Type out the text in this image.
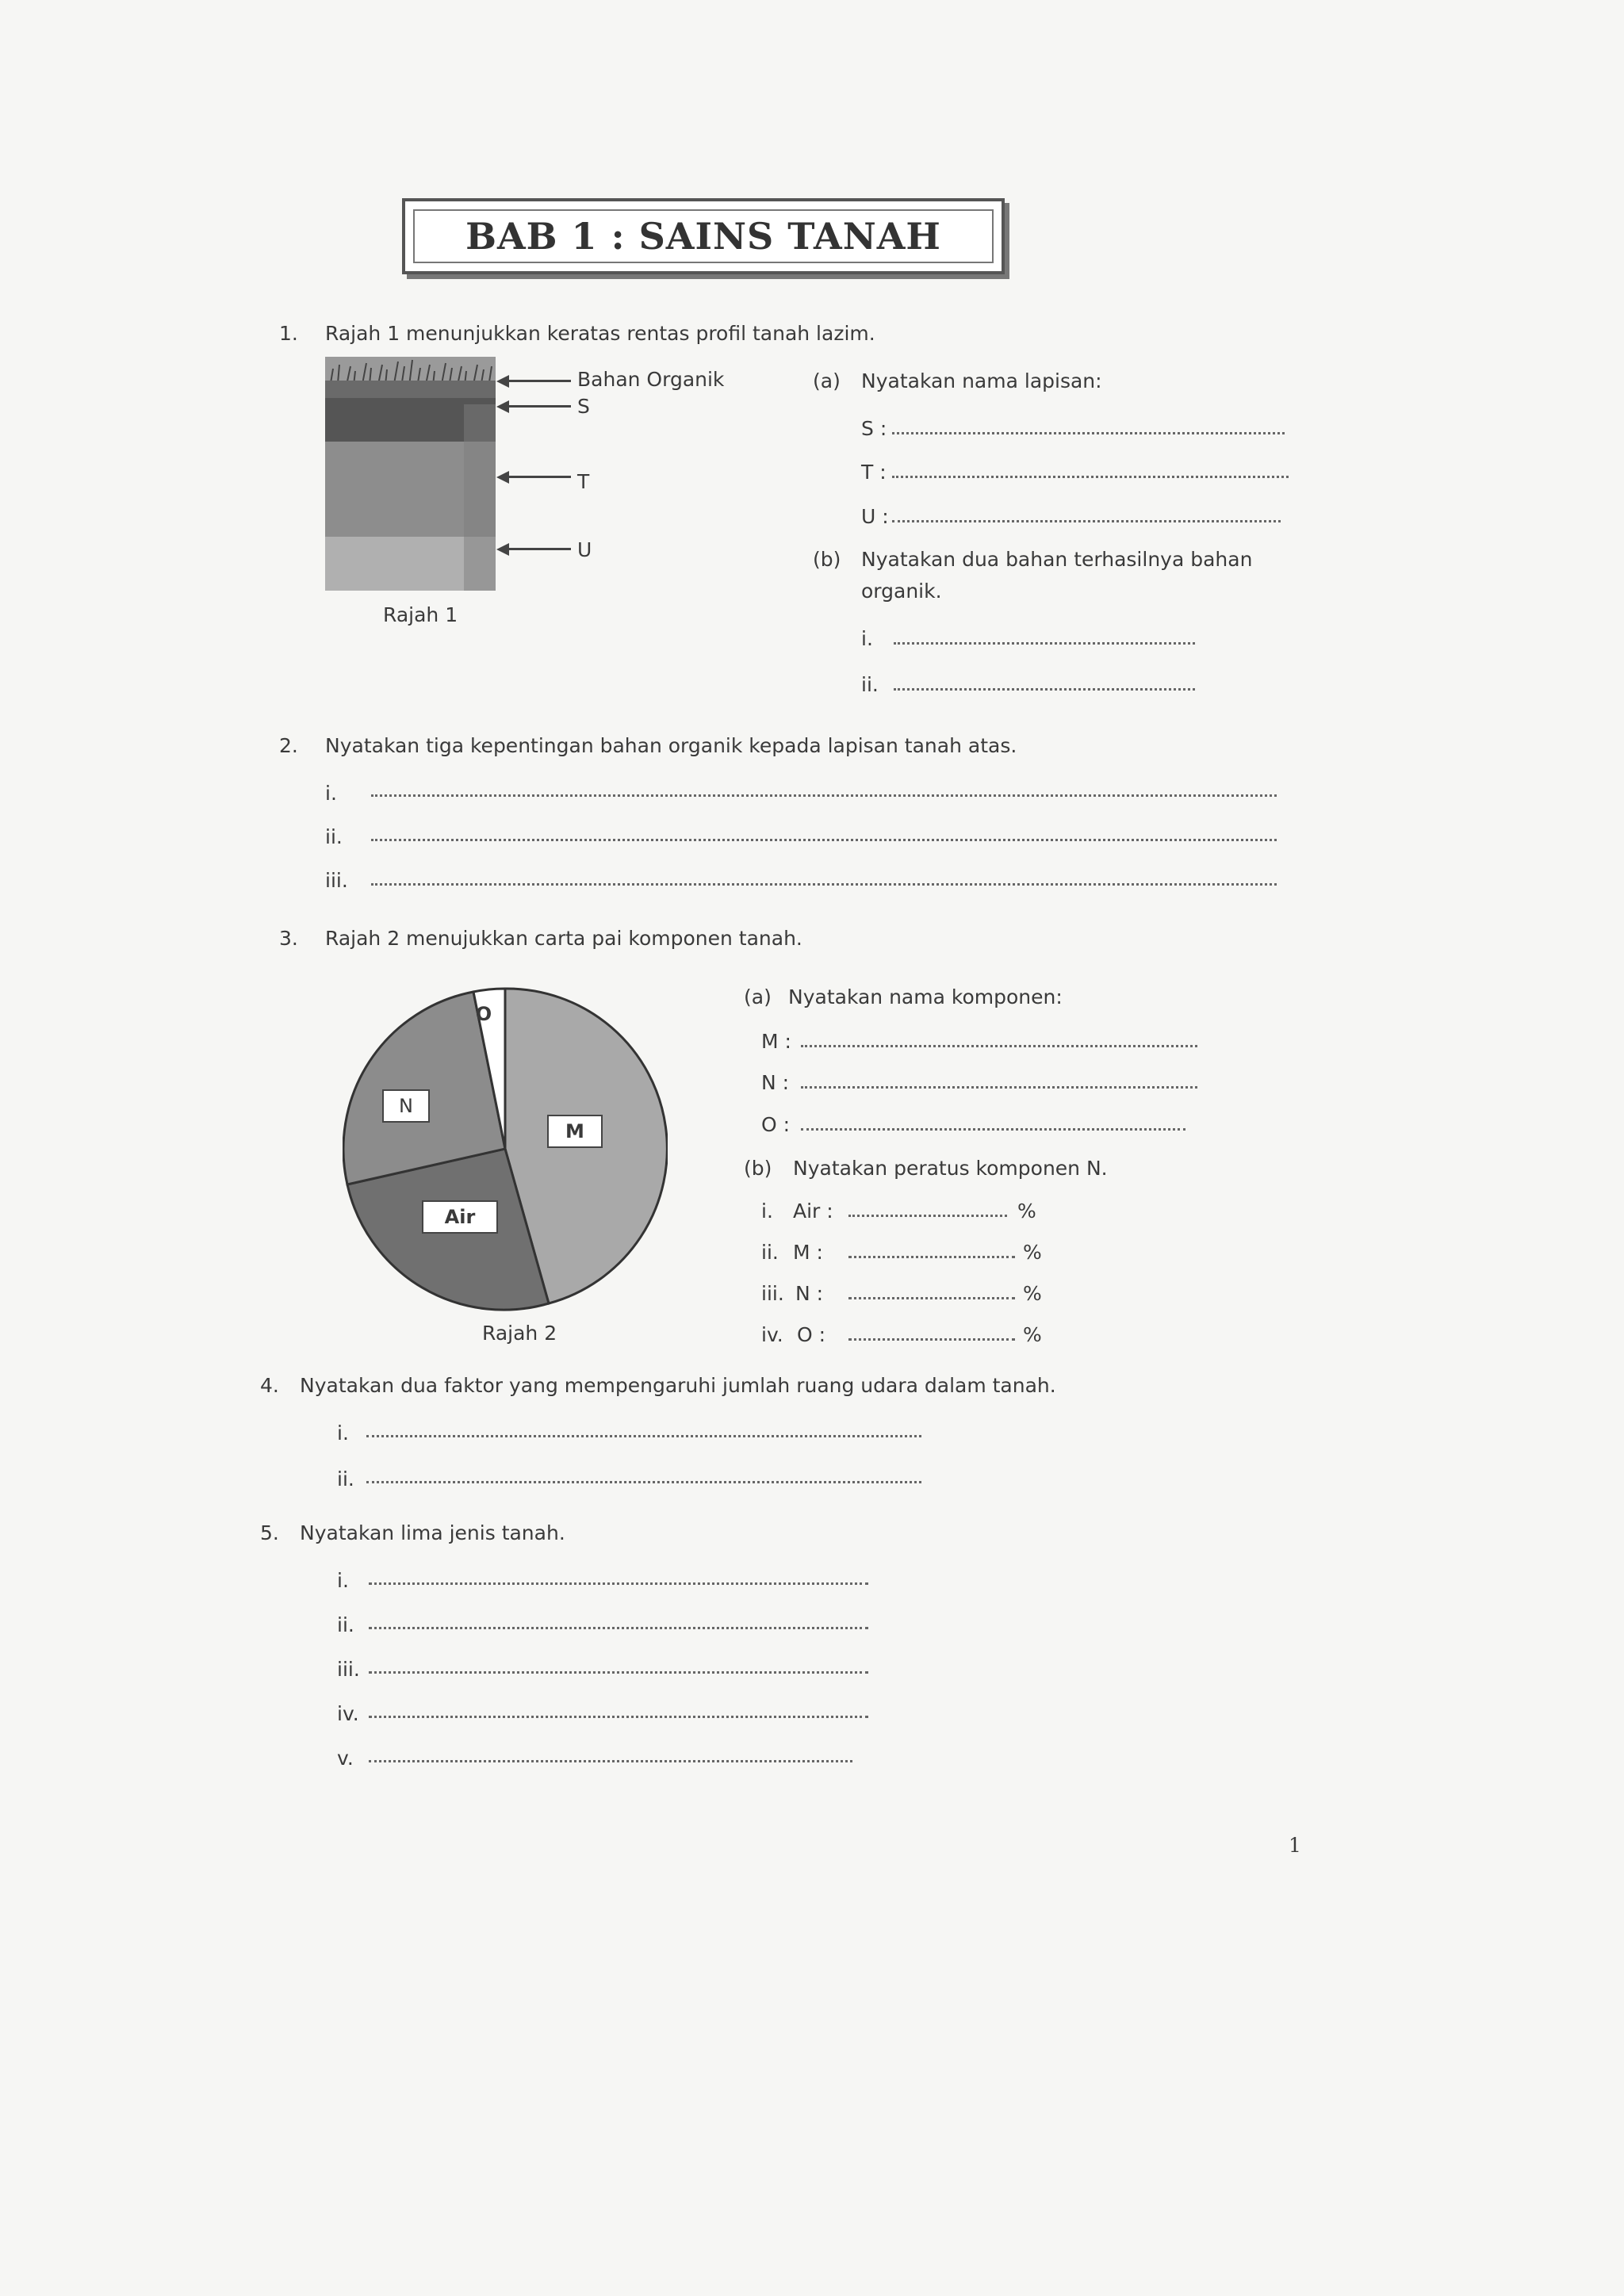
BAB 1 : SAINS TANAH
1. Rajah 1 menunjukkan keratas rentas profil tanah lazim.
Rajah 1
Bahan Organik
S
T
U
(a) Nyatakan nama lapisan:
S :
T :
U :
(b) Nyatakan dua bahan terhasilnya bahan
organik.
i.
ii.
2. Nyatakan tiga kepentingan bahan organik kepada lapisan tanah atas.
i.
ii.
iii.
3. Rajah 2 menujukkan carta pai komponen tanah.
O
N
M
Air
Rajah 2
(a) Nyatakan nama komponen:
M :
N :
O :
(b) Nyatakan peratus komponen N.
i. Air :	%
ii. M :	%
iii. N :	%
iv. O :	%
4. Nyatakan dua faktor yang mempengaruhi jumlah ruang udara dalam tanah.
i.
ii.
5. Nyatakan lima jenis tanah.
i.
ii.
iii.
iv.
v.
1
